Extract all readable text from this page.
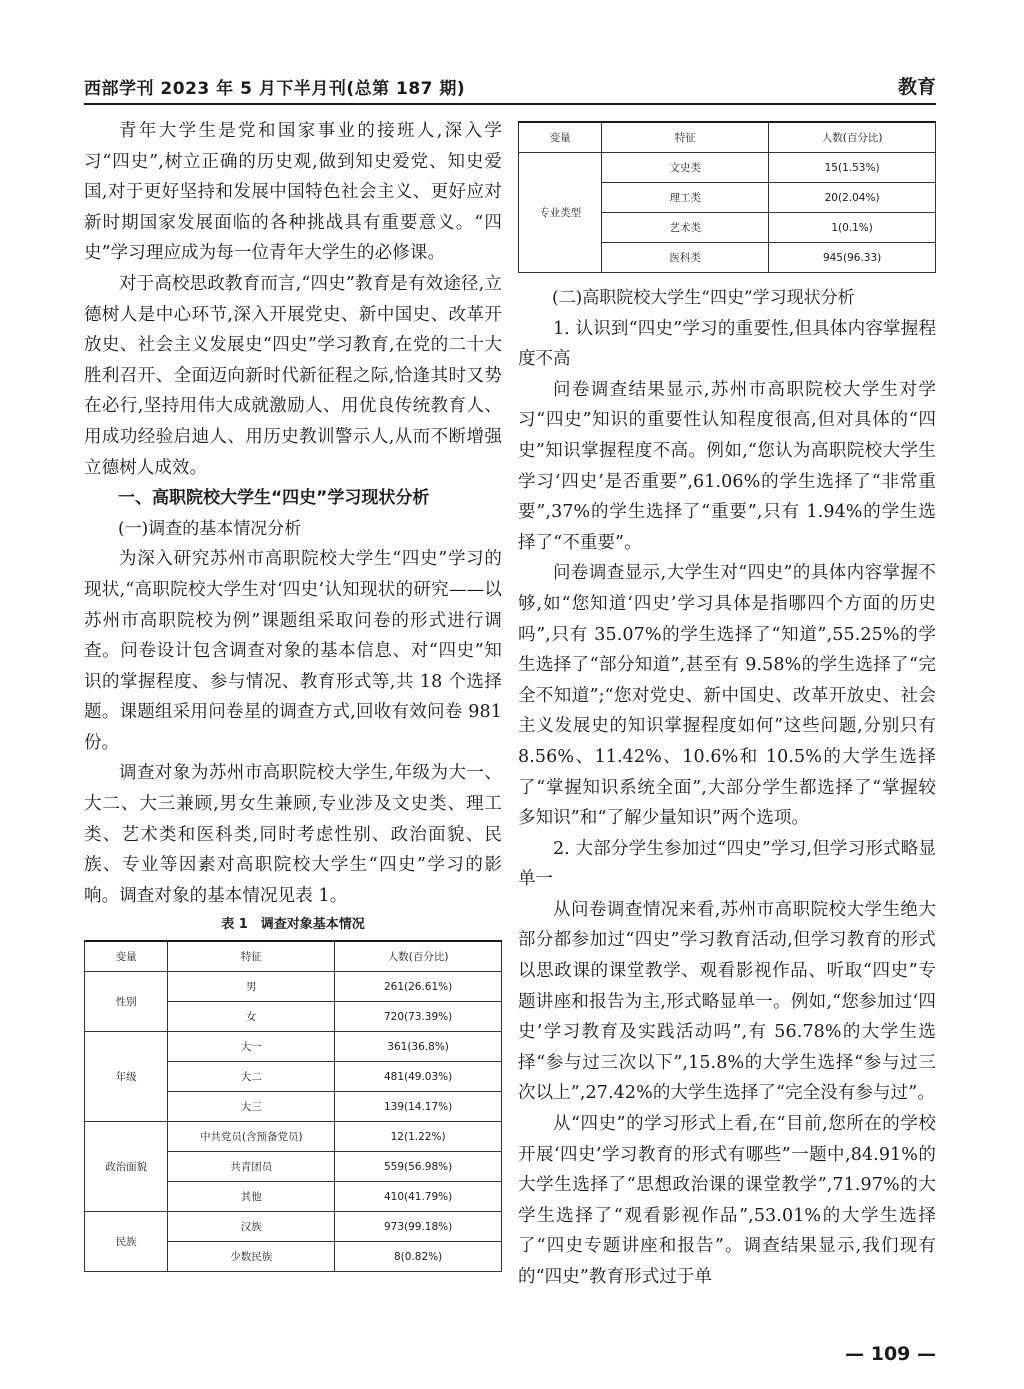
西部学刊 2023 年 5 月下半月刊(总第 187 期)	教育

青年大学生是党和国家事业的接班人,深入学习“四史”,树立正确的历史观,做到知史爱党、知史爱国,对于更好坚持和发展中国特色社会主义、更好应对新时期国家发展面临的各种挑战具有重要意义。“四史”学习理应成为每一位青年大学生的必修课。

对于高校思政教育而言,“四史”教育是有效途径,立德树人是中心环节,深入开展党史、新中国史、改革开放史、社会主义发展史“四史”学习教育,在党的二十大胜利召开、全面迈向新时代新征程之际,恰逢其时又势在必行,坚持用伟大成就激励人、用优良传统教育人、用成功经验启迪人、用历史教训警示人,从而不断增强立德树人成效。

一、高职院校大学生“四史”学习现状分析

(一)调查的基本情况分析

为深入研究苏州市高职院校大学生“四史”学习的现状,“高职院校大学生对‘四史’认知现状的研究——以苏州市高职院校为例”课题组采取问卷的形式进行调查。问卷设计包含调查对象的基本信息、对“四史”知识的掌握程度、参与情况、教育形式等,共 18 个选择题。课题组采用问卷星的调查方式,回收有效问卷 981 份。

调查对象为苏州市高职院校大学生,年级为大一、大二、大三兼顾,男女生兼顾,专业涉及文史类、理工类、艺术类和医科类,同时考虑性别、政治面貌、民族、专业等因素对高职院校大学生“四史”学习的影响。调查对象的基本情况见表 1。

表 1　调查对象基本情况
变量	特征	人数(百分比)
性别	男	261(26.61%)
	女	720(73.39%)
年级	大一	361(36.8%)
	大二	481(49.03%)
	大三	139(14.17%)
政治面貌	中共党员(含预备党员)	12(1.22%)
	共青团员	559(56.98%)
	其他	410(41.79%)
民族	汉族	973(99.18%)
	少数民族	8(0.82%)
变量	特征	人数(百分比)
专业类型	文史类	15(1.53%)
	理工类	20(2.04%)
	艺术类	1(0.1%)
	医科类	945(96.33)

(二)高职院校大学生“四史”学习现状分析

1. 认识到“四史”学习的重要性,但具体内容掌握程度不高

问卷调查结果显示,苏州市高职院校大学生对学习“四史”知识的重要性认知程度很高,但对具体的“四史”知识掌握程度不高。例如,“您认为高职院校大学生学习‘四史’是否重要”,61.06%的学生选择了“非常重要”,37%的学生选择了“重要”,只有 1.94%的学生选择了“不重要”。

问卷调查显示,大学生对“四史”的具体内容掌握不够,如“您知道‘四史’学习具体是指哪四个方面的历史吗”,只有 35.07%的学生选择了“知道”,55.25%的学生选择了“部分知道”,甚至有 9.58%的学生选择了“完全不知道”;“您对党史、新中国史、改革开放史、社会主义发展史的知识掌握程度如何”这些问题,分别只有 8.56%、11.42%、10.6%和 10.5%的大学生选择了“掌握知识系统全面”,大部分学生都选择了“掌握较多知识”和“了解少量知识”两个选项。

2. 大部分学生参加过“四史”学习,但学习形式略显单一

从问卷调查情况来看,苏州市高职院校大学生绝大部分都参加过“四史”学习教育活动,但学习教育的形式以思政课的课堂教学、观看影视作品、听取“四史”专题讲座和报告为主,形式略显单一。例如,“您参加过‘四史’学习教育及实践活动吗”,有 56.78%的大学生选择“参与过三次以下”,15.8%的大学生选择“参与过三次以上”,27.42%的大学生选择了“完全没有参与过”。

从“四史”的学习形式上看,在“目前,您所在的学校开展‘四史’学习教育的形式有哪些”一题中,84.91%的大学生选择了“思想政治课的课堂教学”,71.97%的大学生选择了“观看影视作品”,53.01%的大学生选择了“四史专题讲座和报告”。调查结果显示,我们现有的“四史”教育形式过于单

— 109 —
